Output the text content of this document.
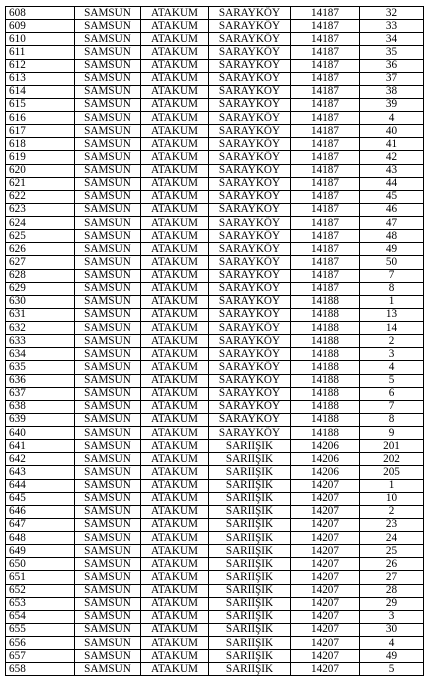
608	SAMSUN	ATAKUM	SARAYKÖY	14187	32
609	SAMSUN	ATAKUM	SARAYKÖY	14187	33
610	SAMSUN	ATAKUM	SARAYKÖY	14187	34
611	SAMSUN	ATAKUM	SARAYKÖY	14187	35
612	SAMSUN	ATAKUM	SARAYKÖY	14187	36
613	SAMSUN	ATAKUM	SARAYKÖY	14187	37
614	SAMSUN	ATAKUM	SARAYKÖY	14187	38
615	SAMSUN	ATAKUM	SARAYKÖY	14187	39
616	SAMSUN	ATAKUM	SARAYKÖY	14187	4
617	SAMSUN	ATAKUM	SARAYKÖY	14187	40
618	SAMSUN	ATAKUM	SARAYKÖY	14187	41
619	SAMSUN	ATAKUM	SARAYKÖY	14187	42
620	SAMSUN	ATAKUM	SARAYKÖY	14187	43
621	SAMSUN	ATAKUM	SARAYKÖY	14187	44
622	SAMSUN	ATAKUM	SARAYKÖY	14187	45
623	SAMSUN	ATAKUM	SARAYKÖY	14187	46
624	SAMSUN	ATAKUM	SARAYKÖY	14187	47
625	SAMSUN	ATAKUM	SARAYKÖY	14187	48
626	SAMSUN	ATAKUM	SARAYKÖY	14187	49
627	SAMSUN	ATAKUM	SARAYKÖY	14187	50
628	SAMSUN	ATAKUM	SARAYKÖY	14187	7
629	SAMSUN	ATAKUM	SARAYKÖY	14187	8
630	SAMSUN	ATAKUM	SARAYKÖY	14188	1
631	SAMSUN	ATAKUM	SARAYKÖY	14188	13
632	SAMSUN	ATAKUM	SARAYKÖY	14188	14
633	SAMSUN	ATAKUM	SARAYKÖY	14188	2
634	SAMSUN	ATAKUM	SARAYKÖY	14188	3
635	SAMSUN	ATAKUM	SARAYKÖY	14188	4
636	SAMSUN	ATAKUM	SARAYKÖY	14188	5
637	SAMSUN	ATAKUM	SARAYKÖY	14188	6
638	SAMSUN	ATAKUM	SARAYKÖY	14188	7
639	SAMSUN	ATAKUM	SARAYKÖY	14188	8
640	SAMSUN	ATAKUM	SARAYKÖY	14188	9
641	SAMSUN	ATAKUM	SARIIŞIK	14206	201
642	SAMSUN	ATAKUM	SARIIŞIK	14206	202
643	SAMSUN	ATAKUM	SARIIŞIK	14206	205
644	SAMSUN	ATAKUM	SARIIŞIK	14207	1
645	SAMSUN	ATAKUM	SARIIŞIK	14207	10
646	SAMSUN	ATAKUM	SARIIŞIK	14207	2
647	SAMSUN	ATAKUM	SARIIŞIK	14207	23
648	SAMSUN	ATAKUM	SARIIŞIK	14207	24
649	SAMSUN	ATAKUM	SARIIŞIK	14207	25
650	SAMSUN	ATAKUM	SARIIŞIK	14207	26
651	SAMSUN	ATAKUM	SARIIŞIK	14207	27
652	SAMSUN	ATAKUM	SARIIŞIK	14207	28
653	SAMSUN	ATAKUM	SARIIŞIK	14207	29
654	SAMSUN	ATAKUM	SARIIŞIK	14207	3
655	SAMSUN	ATAKUM	SARIIŞIK	14207	30
656	SAMSUN	ATAKUM	SARIIŞIK	14207	4
657	SAMSUN	ATAKUM	SARIIŞIK	14207	49
658	SAMSUN	ATAKUM	SARIIŞIK	14207	5
